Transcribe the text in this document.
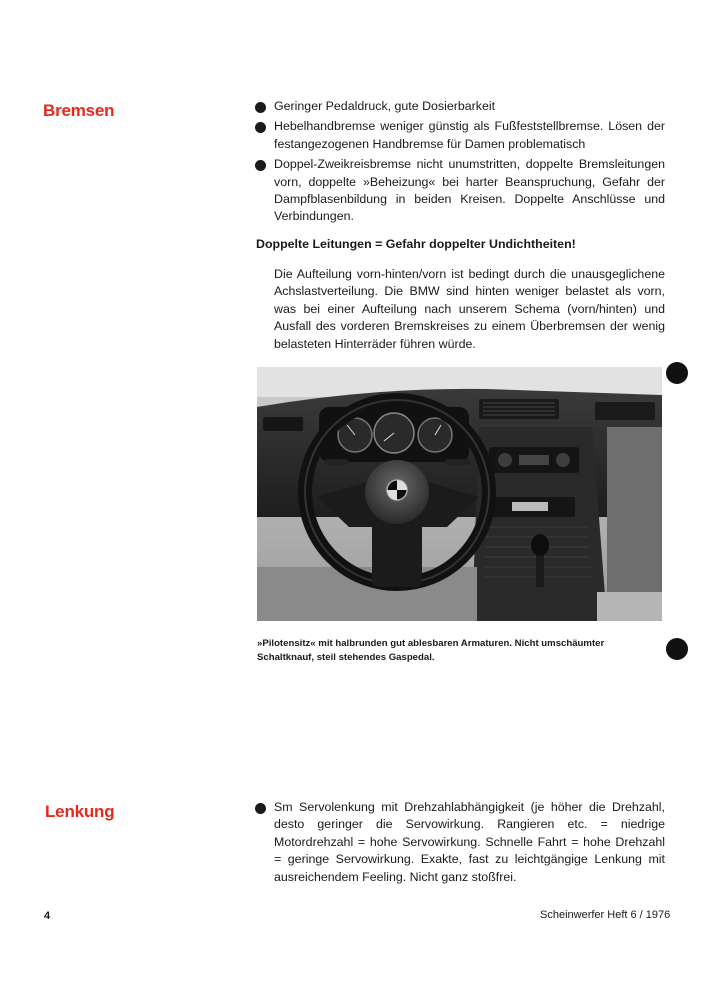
Bremsen	Geringer Pedaldruck, gute Dosierbarkeit
Hebelhandbremse weniger günstig als Fußfeststellbremse. Lösen der festangezogenen Handbremse für Damen problematisch
Doppel-Zweikreisbremse nicht unumstritten, doppelte Bremsleitungen vorn, doppelte »Beheizung« bei harter Beanspruchung, Gefahr der Dampfblasenbildung in beiden Kreisen. Doppelte Anschlüsse und Verbindungen.
Doppelte Leitungen = Gefahr doppelter Undichtheiten!
Die Aufteilung vorn-hinten/vorn ist bedingt durch die unausgeglichene Achslastverteilung. Die BMW sind hinten weniger belastet als vorn, was bei einer Aufteilung nach unserem Schema (vorn/hinten) und Ausfall des vorderen Bremskreises zu einem Überbremsen der wenig belasteten Hinterräder führen würde.
»Pilotensitz« mit halbrunden gut ablesbaren Armaturen. Nicht umschäumter Schaltknauf, steil stehendes Gaspedal.
Lenkung	Sm Servolenkung mit Drehzahlabhängigkeit (je höher die Drehzahl, desto geringer die Servowirkung. Rangieren etc. = niedrige Motordrehzahl = hohe Servowirkung. Schnelle Fahrt = hohe Drehzahl = geringe Servowirkung. Exakte, fast zu leichtgängige Lenkung mit ausreichendem Feeling. Nicht ganz stoßfrei.
4	Scheinwerfer Heft 6 / 1976
